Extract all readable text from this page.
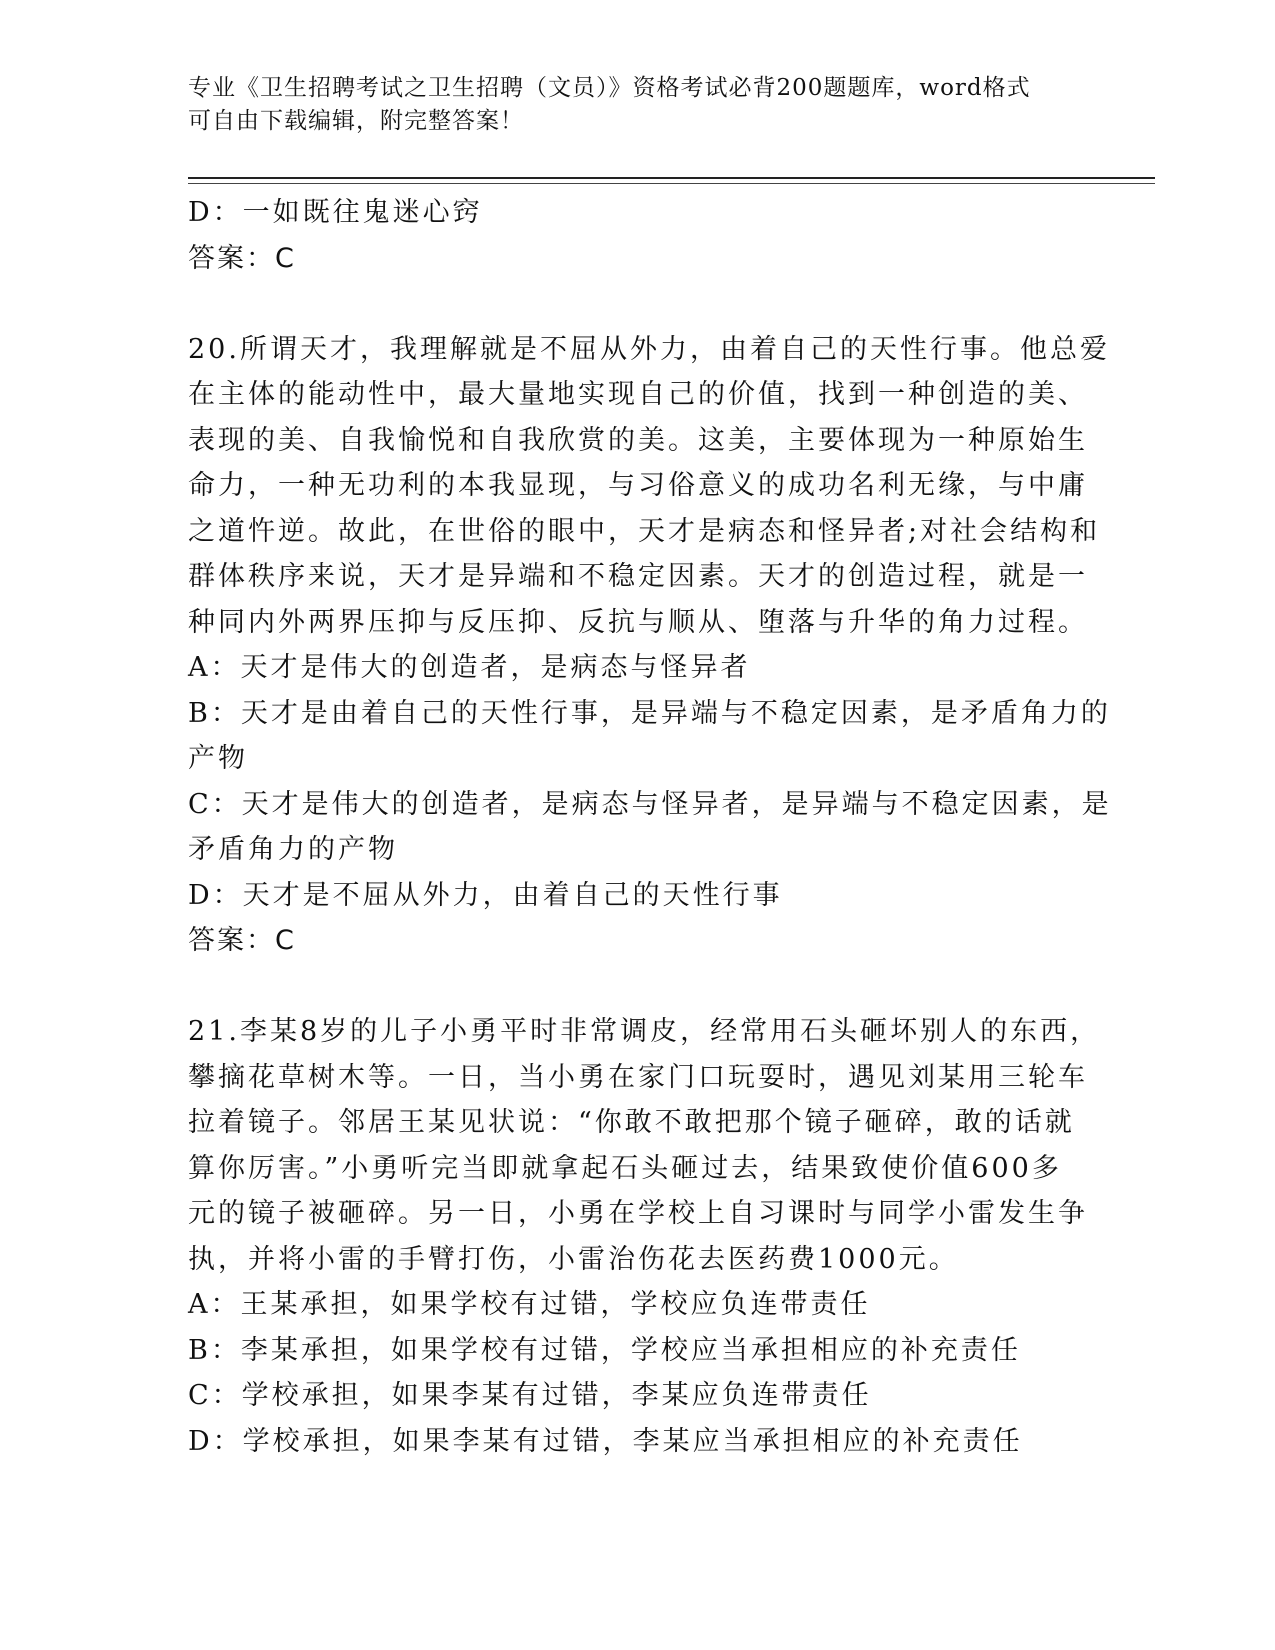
专业《卫生招聘考试之卫生招聘（文员）》资格考试必背200题题库，word格式
可自由下载编辑，附完整答案！

D：一如既往鬼迷心窍

答案：C

20.所谓天才，我理解就是不屈从外力，由着自己的天性行事。他总爱

在主体的能动性中，最大量地实现自己的价值，找到一种创造的美、

表现的美、自我愉悦和自我欣赏的美。这美，主要体现为一种原始生

命力，一种无功利的本我显现，与习俗意义的成功名利无缘，与中庸

之道忤逆。故此，在世俗的眼中，天才是病态和怪异者;对社会结构和

群体秩序来说，天才是异端和不稳定因素。天才的创造过程，就是一

种同内外两界压抑与反压抑、反抗与顺从、堕落与升华的角力过程。

A：天才是伟大的创造者，是病态与怪异者

B：天才是由着自己的天性行事，是异端与不稳定因素，是矛盾角力的

产物

C：天才是伟大的创造者，是病态与怪异者，是异端与不稳定因素，是

矛盾角力的产物

D：天才是不屈从外力，由着自己的天性行事

答案：C

21.李某8岁的儿子小勇平时非常调皮，经常用石头砸坏别人的东西，

攀摘花草树木等。一日，当小勇在家门口玩耍时，遇见刘某用三轮车

拉着镜子。邻居王某见状说：“你敢不敢把那个镜子砸碎，敢的话就

算你厉害。”小勇听完当即就拿起石头砸过去，结果致使价值600多

元的镜子被砸碎。另一日，小勇在学校上自习课时与同学小雷发生争

执，并将小雷的手臂打伤，小雷治伤花去医药费1000元。

A：王某承担，如果学校有过错，学校应负连带责任

B：李某承担，如果学校有过错，学校应当承担相应的补充责任

C：学校承担，如果李某有过错，李某应负连带责任

D：学校承担，如果李某有过错，李某应当承担相应的补充责任
